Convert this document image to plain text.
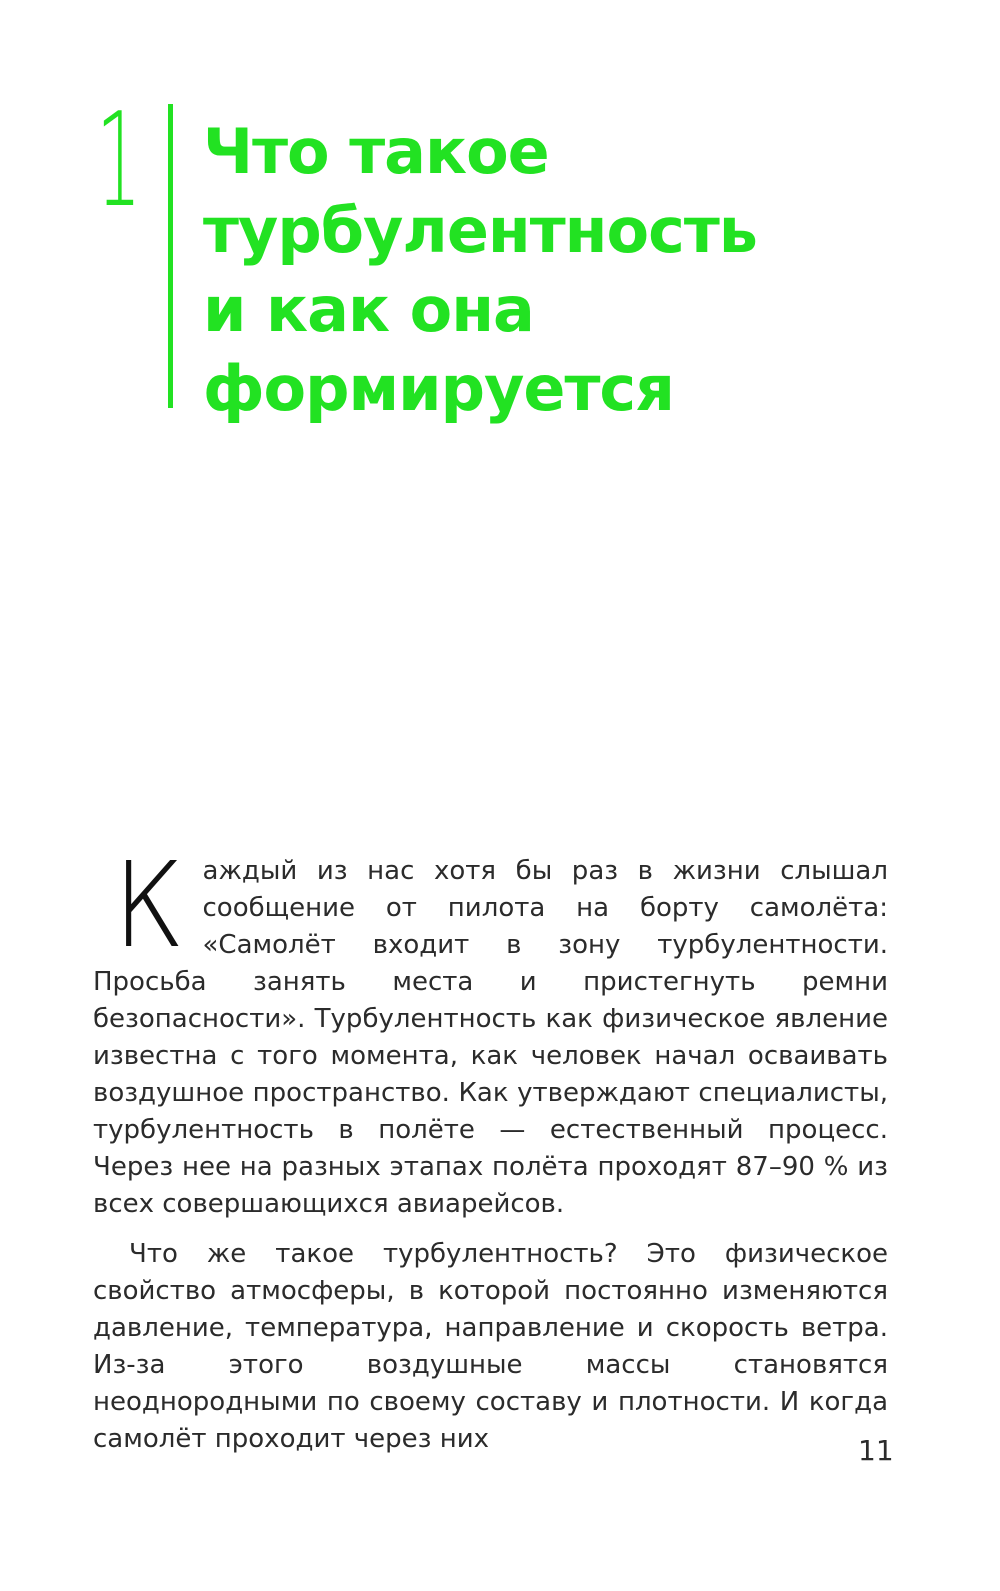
1 Что такое
турбулентность
и как она
формируется

Каждый из нас хотя бы раз в жизни слышал сообщение от пилота на борту самолёта: «Самолёт входит в зону турбулентности. Просьба занять места и пристегнуть ремни безопасности». Турбулентность как физическое явление известна с того момента, как человек начал осваивать воздушное пространство. Как утверждают специалисты, турбулентность в полёте — естественный процесс. Через нее на разных этапах полёта проходят 87–90 % из всех совершающихся авиарейсов.

Что же такое турбулентность? Это физическое свойство атмосферы, в которой постоянно изменяются давление, температура, направление и скорость ветра. Из-за этого воздушные массы становятся неоднородными по своему составу и плотности. И когда самолёт проходит через них	11
